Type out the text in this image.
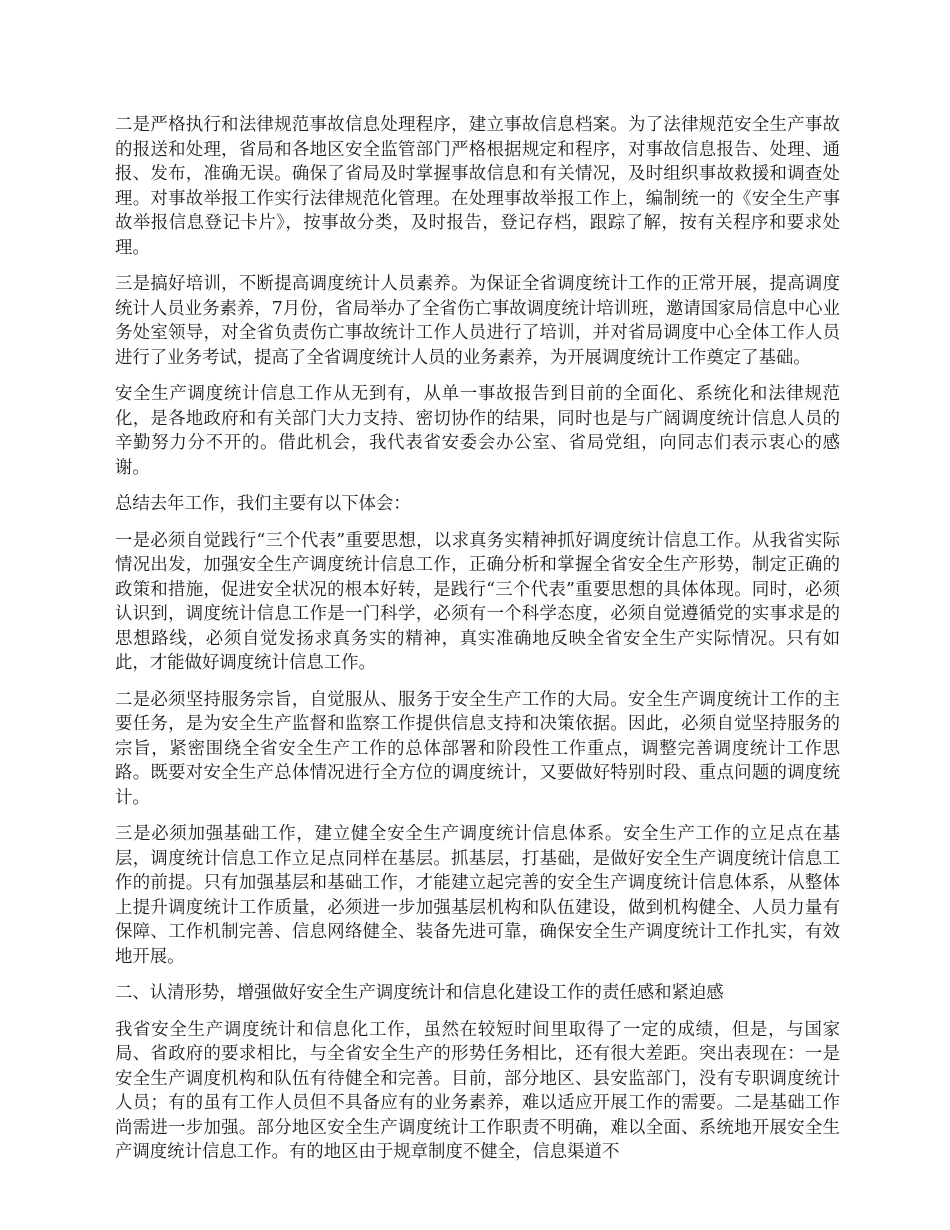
二是严格执行和法律规范事故信息处理程序，建立事故信息档案。为了法律规范安全生产事故的报送和处理，省局和各地区安全监管部门严格根据规定和程序，对事故信息报告、处理、通报、发布，准确无误。确保了省局及时掌握事故信息和有关情况，及时组织事故救援和调查处理。对事故举报工作实行法律规范化管理。在处理事故举报工作上，编制统一的《安全生产事故举报信息登记卡片》，按事故分类，及时报告，登记存档，跟踪了解，按有关程序和要求处理。

三是搞好培训，不断提高调度统计人员素养。为保证全省调度统计工作的正常开展，提高调度统计人员业务素养，7月份，省局举办了全省伤亡事故调度统计培训班，邀请国家局信息中心业务处室领导，对全省负责伤亡事故统计工作人员进行了培训，并对省局调度中心全体工作人员进行了业务考试，提高了全省调度统计人员的业务素养，为开展调度统计工作奠定了基础。

安全生产调度统计信息工作从无到有，从单一事故报告到目前的全面化、系统化和法律规范化，是各地政府和有关部门大力支持、密切协作的结果，同时也是与广阔调度统计信息人员的辛勤努力分不开的。借此机会，我代表省安委会办公室、省局党组，向同志们表示衷心的感谢。

总结去年工作，我们主要有以下体会：

一是必须自觉践行“三个代表”重要思想，以求真务实精神抓好调度统计信息工作。从我省实际情况出发，加强安全生产调度统计信息工作，正确分析和掌握全省安全生产形势，制定正确的政策和措施，促进安全状况的根本好转，是践行“三个代表”重要思想的具体体现。同时，必须认识到，调度统计信息工作是一门科学，必须有一个科学态度，必须自觉遵循党的实事求是的思想路线，必须自觉发扬求真务实的精神，真实准确地反映全省安全生产实际情况。只有如此，才能做好调度统计信息工作。

二是必须坚持服务宗旨，自觉服从、服务于安全生产工作的大局。安全生产调度统计工作的主要任务，是为安全生产监督和监察工作提供信息支持和决策依据。因此，必须自觉坚持服务的宗旨，紧密围绕全省安全生产工作的总体部署和阶段性工作重点，调整完善调度统计工作思路。既要对安全生产总体情况进行全方位的调度统计，又要做好特别时段、重点问题的调度统计。

三是必须加强基础工作，建立健全安全生产调度统计信息体系。安全生产工作的立足点在基层，调度统计信息工作立足点同样在基层。抓基层，打基础，是做好安全生产调度统计信息工作的前提。只有加强基层和基础工作，才能建立起完善的安全生产调度统计信息体系，从整体上提升调度统计工作质量，必须进一步加强基层机构和队伍建设，做到机构健全、人员力量有保障、工作机制完善、信息网络健全、装备先进可靠，确保安全生产调度统计工作扎实，有效地开展。

二、认清形势，增强做好安全生产调度统计和信息化建设工作的责任感和紧迫感

我省安全生产调度统计和信息化工作，虽然在较短时间里取得了一定的成绩，但是，与国家局、省政府的要求相比，与全省安全生产的形势任务相比，还有很大差距。突出表现在：一是安全生产调度机构和队伍有待健全和完善。目前，部分地区、县安监部门，没有专职调度统计人员；有的虽有工作人员但不具备应有的业务素养，难以适应开展工作的需要。二是基础工作尚需进一步加强。部分地区安全生产调度统计工作职责不明确，难以全面、系统地开展安全生产调度统计信息工作。有的地区由于规章制度不健全，信息渠道不
